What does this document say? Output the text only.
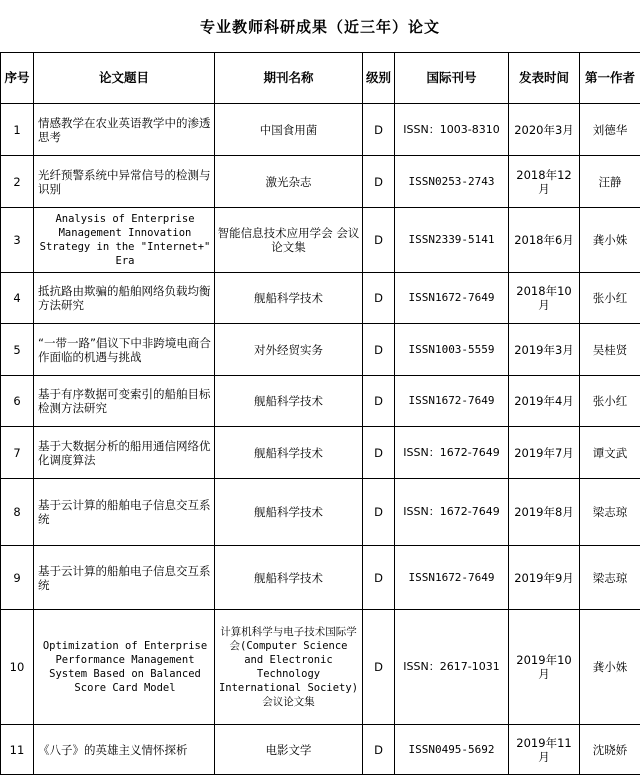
专业教师科研成果（近三年）论文
序号	论文题目	期刊名称	级别	国际刊号	发表时间	第一作者
1	情感教学在农业英语教学中的渗透思考	中国食用菌	D	ISSN：1003-8310	2020年3月	刘德华
2	光纤预警系统中异常信号的检测与识别	激光杂志	D	ISSN0253-2743	2018年12月	汪静
3	Analysis of Enterprise Management Innovation Strategy in the "Internet+" Era	智能信息技术应用学会 会议论文集	D	ISSN2339-5141	2018年6月	龚小姝
4	抵抗路由欺骗的船舶网络负载均衡方法研究	舰船科学技术	D	ISSN1672-7649	2018年10月	张小红
5	“一带一路”倡议下中非跨境电商合作面临的机遇与挑战	对外经贸实务	D	ISSN1003-5559	2019年3月	吴桂贤
6	基于有序数据可变索引的船舶目标检测方法研究	舰船科学技术	D	ISSN1672-7649	2019年4月	张小红
7	基于大数据分析的船用通信网络优化调度算法	舰船科学技术	D	ISSN：1672-7649	2019年7月	谭文武
8	基于云计算的船舶电子信息交互系统	舰船科学技术	D	ISSN：1672-7649	2019年8月	梁志琼
9	基于云计算的船舶电子信息交互系统	舰船科学技术	D	ISSN1672-7649	2019年9月	梁志琼
10	Optimization of Enterprise Performance Management System Based on Balanced Score Card Model	计算机科学与电子技术国际学会(Computer Science and Electronic Technology International Society)会议论文集	D	ISSN：2617-1031	2019年10月	龚小姝
11	《八子》的英雄主义情怀探析	电影文学	D	ISSN0495-5692	2019年11月	沈晓娇
